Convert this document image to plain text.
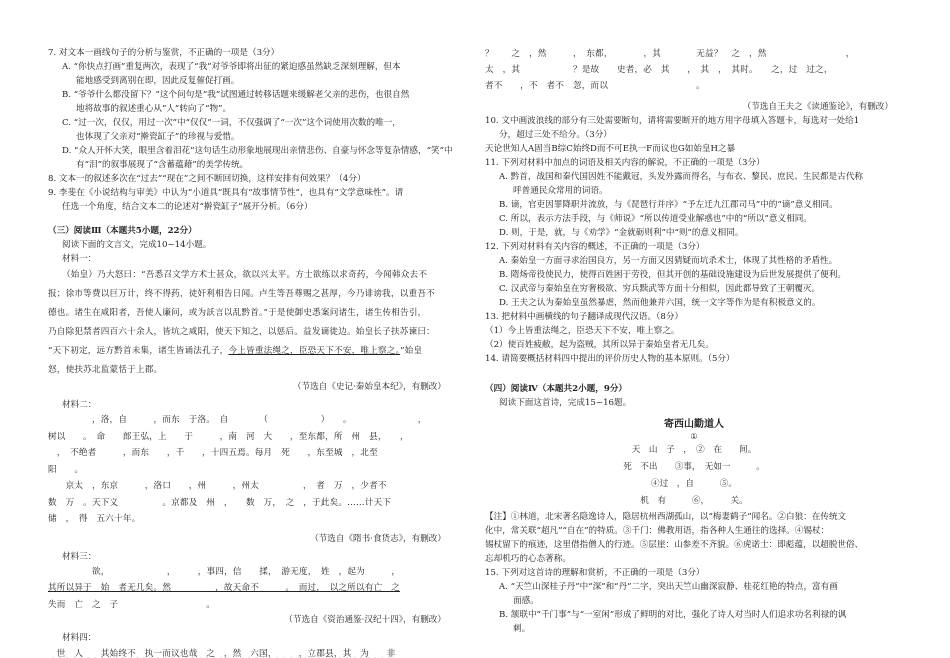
7. 对文本一画线句子的分析与鉴赏，不正确的一项是（3分）

A. “你快点打画”重复两次，表现了“我”对爷爷即将出征的紧迫感虽然缺乏深刻理解，但本

能地感受到离别在即，因此反复催促打画。

B. “爷爷什么都没留下？”这个问句是“我”试图通过转移话题来缓解老父亲的悲伤，也很自然

地将故事的叙述重心从“人”转向了“物”。

C. “过一次，仅仅，用过一次”中“仅仅”一词，不仅强调了“一次”这个词使用次数的唯一，

也体现了父亲对“擀瓷缸子”的珍视与爱惜。

D. “众人开怀大笑，眼里含着泪花”这句话生动形象地展现出亲情悲伤、自豪与怀念等复杂情感，“笑”中

有“泪”的叙事展现了“含蓄蕴藉”的美学传统。

8. 文本一的叙述多次在“过去”“现在”之间不断回切换，这样安排有何效果？（4分）

9. 李斐在《小说结构与审美》中认为“小道具”既具有“故事情节性”，也具有“文学意味性”。请

任选一个角度，结合文本二的论述对“擀瓷缸子”展开分析。（6分）

（三）阅读Ⅲ（本题共5小题，22分）

阅读下面的文言文，完成10~14小题。

材料一：

（始皇）乃大怒曰：“吾悉召文学方术士甚众，欲以兴太平。方士欲练以求奇药，今闻韩众去不

报；徐市等费以巨万计，终不得药，徒奸利相告日闻。卢生等吾尊赐之甚厚，今乃诽谤我，以重吾不

德也。诸生在咸阳者，吾使人廉问，或为訞言以乱黔首。”于是使御史悉案问诸生，诸生传相告引，

乃自除犯禁者四百六十余人，皆坑之咸阳，使天下知之，以惩后。益发谪徙边。始皇长子扶苏谏曰：

“天下初定，远方黔首未集，诸生皆诵法孔子，今上皆重法绳之，臣恐天下不安，唯上察之。”始皇

怒，使扶苏北监蒙恬于上郡。

（节选自《史记·秦始皇本纪》，有删改）

材料二：

　　　　　，洛，自　　　，而东　于洛。　自　　　　（　　　　　　）　　。　　　　　　　　，

树以　　。　命　　郎王弘，上　　于　　　，南　河　大　　，至东都，所　州　县，　　，　　

　，　不绝者　　　，而东　　，千　　，十四五焉。每月　死　　，东至城　，北至

阳　　。

　　京太　，东京　　　，洛口　　，州　　　，州太　　　　　，　者　万　，少者不

数　万　。天下义　　　　　。京都及　州　，　　数　万，　之　，于此矣。……计天下

储　，　得　五六十年。

（节选自《隋书·食货志》，有删改）

材料三：

　　　　　欲，　　　　　　　，　　　，事四，信　　揉，　游无度，　姓　，起为　　　，

其所以异于　始　者无几矣。然　　　　　，故天命不　　　。　而过，　以之所以有亡　之

失而　亡　之　子　　　　　　　　　　。

（节选自《资治通鉴·汉纪十四》，有删改）

材料四：

　世　人　　其始终不　执一而议也哉　之　，然　六国，　　　，立郡县，其　为　　非

？　　之　，然　　　，　东都，　　　　，其　　　　无益？　之　，然　　　　　　　　　，

太　，其　　　　　　？是故　　史者，必　其　　，　其　，　其时。　　之，过　过之，

者不　　，不　者不　忽，而以　　　　　　　　　　。

（节选自王夫之《读通鉴论》，有删改）

10. 文中画波浪线的部分有三处需要断句，请将需要断开的地方用字母填入答题卡，每选对一处给1

分，超过三处不给分。（3分）

天论世知人A固当B综C始终D而不可E执一F而议也G如始皇H之暴

11. 下列对材料中加点的词语及相关内容的解说，不正确的一项是（3分）

A. 黔首，战国和秦代国因姓不能戴冠，头发外露而得名，与布衣、黎民、庶民、生民都是古代称

呼普通民众常用的词语。

B. 谪，官吏因罪降职并流放，与《琵琶行并序》“予左迁九江郡司马”中的“谪”意义相同。

C. 所以，表示方法手段，与《师说》“所以传道受业解惑也”中的“所以”意义相同。

D. 则，于是，就，与《劝学》“金就砺则利”中“则”的意义相同。

12. 下列对材料有关内容的概述，不正确的一项是（3分）

A. 秦始皇一方面寻求治国良方，另一方面又因猜疑而坑杀术士，体现了其性格的矛盾性。

B. 隋炀帝役使民力，使得百姓困于劳役，但其开创的基础设施建设为后世发展提供了便利。

C. 汉武帝与秦始皇在穷奢极欲、穷兵黩武等方面十分相似，因此都导致了王朝覆灭。

D. 王夫之认为秦始皇虽然暴虐，然而他兼并六国，统一文字等作为是有积极意义的。

13. 把材料中画横线的句子翻译成现代汉语。（8分）

（1）今上皆重法绳之，臣恐天下不安，唯上察之。

（2）使百姓疲敝，起为盗贼，其所以异于秦始皇者无几矣。

14. 请简要概括材料四中提出的评价历史人物的基本原则。（5分）

（四）阅读Ⅳ（本题共2小题，9分）

阅读下面这首诗，完成15~16题。

寄西山勤道人

①

天　山　子　，　②　在　　间。

死　不出　　③事，　无如一　　　。

④过　，自　　　⑤。

机　有　　　⑥，　　　关。

【注】①林道，北宋著名隐逸诗人，隐居杭州西湖孤山，以“梅妻鹤子”闻名。②白狼：在传统文

化中，常关联“超凡”“自在”的特质。③千门：佛教用语，指各种人生通往的选择。④锡杖：

锡杖留下的痕迹，这里借指僧人的行迹。⑤层崖：山参差不齐貌。⑥虎诺士：即彪蕴，以超脱世俗、

忘却机巧的心态著称。

15. 下列对这首诗的理解和赏析，不正确的一项是（3分）

A. “天竺山深桂子丹”中“深”和“丹”二字，突出天竺山幽深寂静、桂花红艳的特点，富有画

面感。

B. 颔联中“千门事”与“一室闲”形成了鲜明的对比，强化了诗人对当时人们追求功名利禄的讽

刺。
